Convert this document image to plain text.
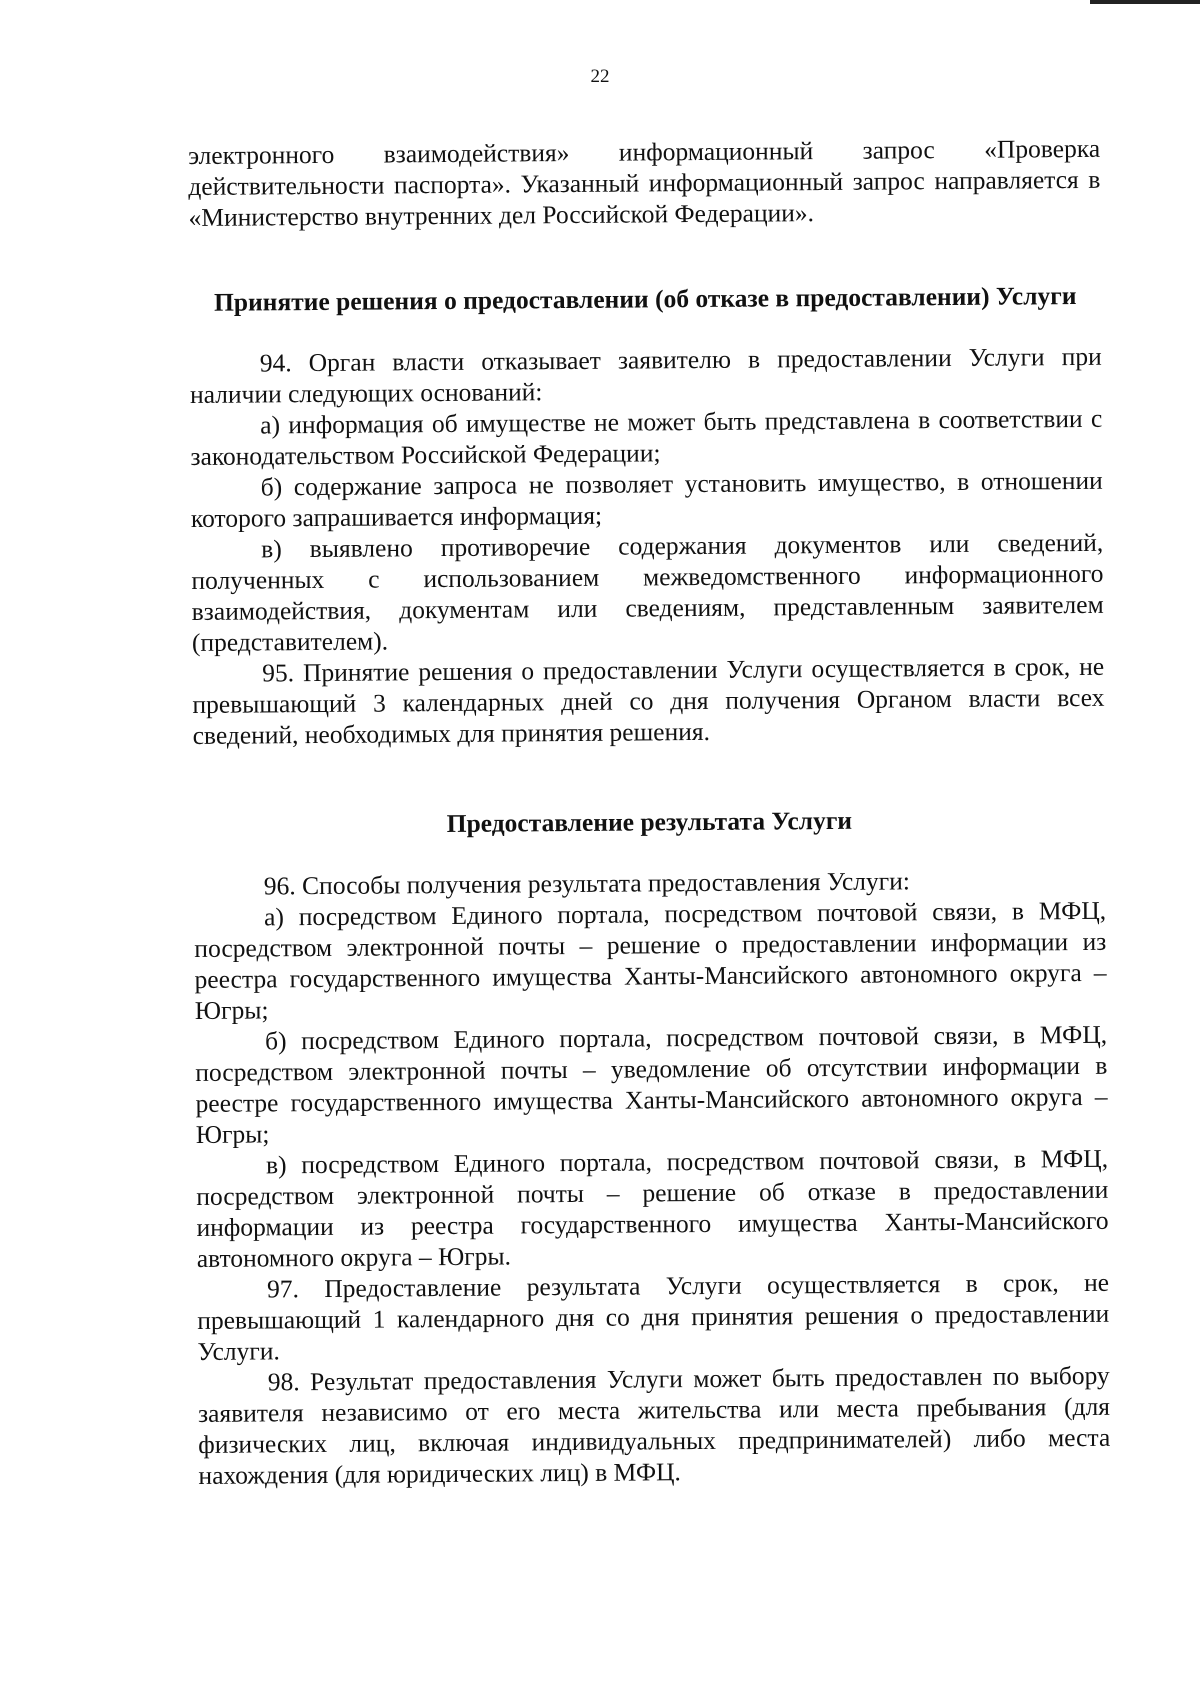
22

электронного взаимодействия» информационный запрос «Проверка действительности паспорта». Указанный информационный запрос направляется в «Министерство внутренних дел Российской Федерации».

Принятие решения о предоставлении (об отказе в предоставлении) Услуги

94. Орган власти отказывает заявителю в предоставлении Услуги при наличии следующих оснований:

а) информация об имуществе не может быть представлена в соответствии с законодательством Российской Федерации;

б) содержание запроса не позволяет установить имущество, в отношении которого запрашивается информация;

в) выявлено противоречие содержания документов или сведений, полученных с использованием межведомственного информационного взаимодействия, документам или сведениям, представленным заявителем (представителем).

95. Принятие решения о предоставлении Услуги осуществляется в срок, не превышающий 3 календарных дней со дня получения Органом власти всех сведений, необходимых для принятия решения.

Предоставление результата Услуги

96. Способы получения результата предоставления Услуги:

а) посредством Единого портала, посредством почтовой связи, в МФЦ, посредством электронной почты – решение о предоставлении информации из реестра государственного имущества Ханты-Мансийского автономного округа – Югры;

б) посредством Единого портала, посредством почтовой связи, в МФЦ, посредством электронной почты – уведомление об отсутствии информации в реестре государственного имущества Ханты-Мансийского автономного округа – Югры;

в) посредством Единого портала, посредством почтовой связи, в МФЦ, посредством электронной почты – решение об отказе в предоставлении информации из реестра государственного имущества Ханты-Мансийского автономного округа – Югры.

97. Предоставление результата Услуги осуществляется в срок, не превышающий 1 календарного дня со дня принятия решения о предоставлении Услуги.

98. Результат предоставления Услуги может быть предоставлен по выбору заявителя независимо от его места жительства или места пребывания (для физических лиц, включая индивидуальных предпринимателей) либо места нахождения (для юридических лиц) в МФЦ.
